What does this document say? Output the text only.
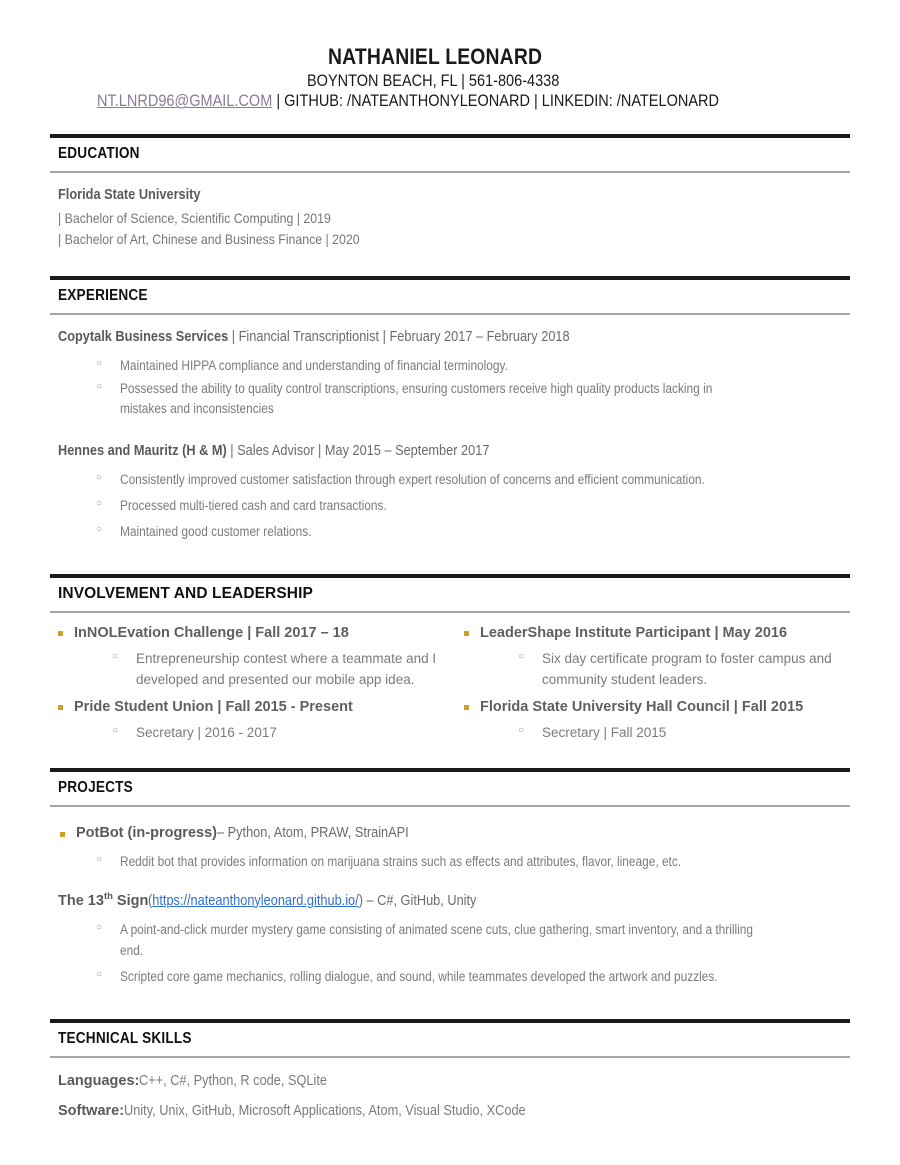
NATHANIEL LEONARD
BOYNTON BEACH, FL | 561-806-4338
NT.LNRD96@GMAIL.COM | GITHUB: /NATEANTHONYLEONARD | LINKEDIN: /NATELONARD
EDUCATION
Florida State University
| Bachelor of Science, Scientific Computing | 2019
| Bachelor of Art, Chinese and Business Finance | 2020
EXPERIENCE
Copytalk Business Services | Financial Transcriptionist | February 2017 – February 2018
○ Maintained HIPPA compliance and understanding of financial terminology.
○ Possessed the ability to quality control transcriptions, ensuring customers receive high quality products lacking in mistakes and inconsistencies
Hennes and Mauritz (H & M) | Sales Advisor | May 2015 – September 2017
○ Consistently improved customer satisfaction through expert resolution of concerns and efficient communication.
○ Processed multi-tiered cash and card transactions.
○ Maintained good customer relations.
INVOLVEMENT AND LEADERSHIP
InNOLEvation Challenge | Fall 2017 – 18
○ Entrepreneurship contest where a teammate and I developed and presented our mobile app idea.
Pride Student Union | Fall 2015 - Present
○ Secretary | 2016 - 2017
LeaderShape Institute Participant | May 2016
○ Six day certificate program to foster campus and community student leaders.
Florida State University Hall Council | Fall 2015
○ Secretary | Fall 2015
PROJECTS
PotBot (in-progress)– Python, Atom, PRAW, StrainAPI
○ Reddit bot that provides information on marijuana strains such as effects and attributes, flavor, lineage, etc.
The 13th Sign(https://nateanthonyleonard.github.io/) – C#, GitHub, Unity
○ A point-and-click murder mystery game consisting of animated scene cuts, clue gathering, smart inventory, and a thrilling end.
○ Scripted core game mechanics, rolling dialogue, and sound, while teammates developed the artwork and puzzles.
TECHNICAL SKILLS
Languages:C++, C#, Python, R code, SQLite
Software:Unity, Unix, GitHub, Microsoft Applications, Atom, Visual Studio, XCode
